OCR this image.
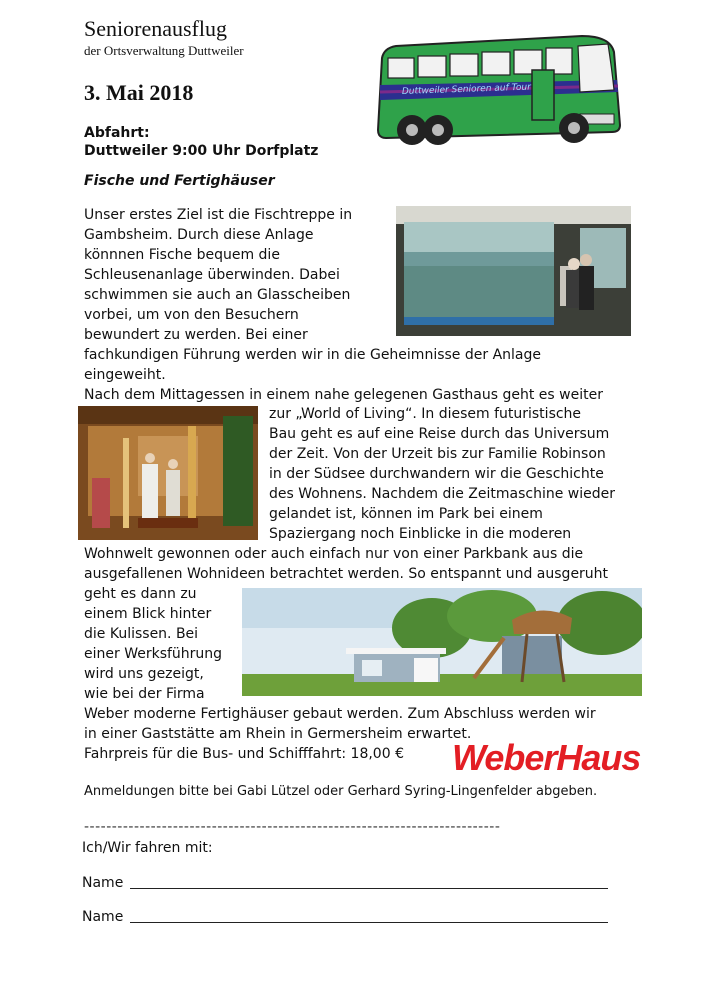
Seniorenausflug
der Ortsverwaltung Duttweiler
3. Mai 2018
Abfahrt:
Duttweiler 9:00 Uhr Dorfplatz
Duttweiler Senioren auf Tour
Fische und Fertighäuser
Unser erstes Ziel ist die Fischtreppe in
Gambsheim. Durch diese Anlage
könnnen Fische bequem die
Schleusenanlage überwinden. Dabei
schwimmen sie auch an Glasscheiben
vorbei, um von den Besuchern
bewundert zu werden. Bei einer
fachkundigen Führung werden wir in die Geheimnisse der Anlage
eingeweiht.
Nach dem Mittagessen in einem nahe gelegenen Gasthaus geht es weiter
zur „World of Living“. In diesem futuristische
Bau geht es auf eine Reise durch das Universum
der Zeit. Von der Urzeit bis zur Familie Robinson
in der Südsee durchwandern wir die Geschichte
des Wohnens. Nachdem die Zeitmaschine wieder
gelandet ist, können im Park bei einem
Spaziergang noch Einblicke in die moderen
Wohnwelt gewonnen oder auch einfach nur von einer Parkbank aus die
ausgefallenen Wohnideen betrachtet werden. So entspannt und ausgeruht
geht es dann zu
einem Blick hinter
die Kulissen. Bei
einer Werksführung
wird uns gezeigt,
wie bei der Firma
Weber moderne Fertighäuser gebaut werden. Zum Abschluss werden wir
in einer Gaststätte am Rhein in Germersheim erwartet.
Fahrpreis für die Bus- und Schifffahrt: 18,00 €	WeberHaus
Anmeldungen bitte bei Gabi Lützel oder Gerhard Syring-Lingenfelder abgeben.
---------------------------------------------------------------------------
Ich/Wir fahren mit:
Name
Name
